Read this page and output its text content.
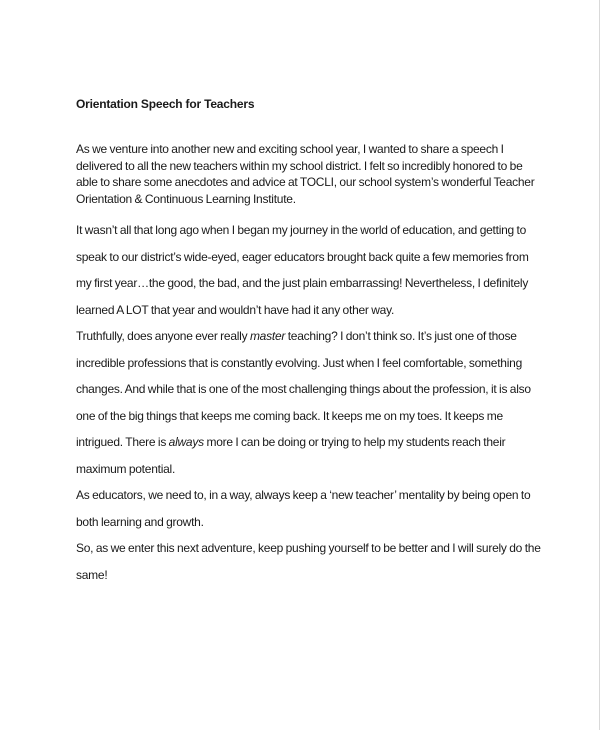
Orientation Speech for Teachers

As we venture into another new and exciting school year, I wanted to share a speech I delivered to all the new teachers within my school district. I felt so incredibly honored to be able to share some anecdotes and advice at TOCLI, our school system’s wonderful Teacher Orientation & Continuous Learning Institute.

It wasn’t all that long ago when I began my journey in the world of education, and getting to speak to our district’s wide-eyed, eager educators brought back quite a few memories from my first year…the good, the bad, and the just plain embarrassing! Nevertheless, I definitely learned A LOT that year and wouldn’t have had it any other way.

Truthfully, does anyone ever really master teaching? I don’t think so. It’s just one of those incredible professions that is constantly evolving. Just when I feel comfortable, something changes. And while that is one of the most challenging things about the profession, it is also one of the big things that keeps me coming back. It keeps me on my toes. It keeps me intrigued. There is always more I can be doing or trying to help my students reach their maximum potential.

As educators, we need to, in a way, always keep a ‘new teacher’ mentality by being open to both learning and growth.

So, as we enter this next adventure, keep pushing yourself to be better and I will surely do the same!
